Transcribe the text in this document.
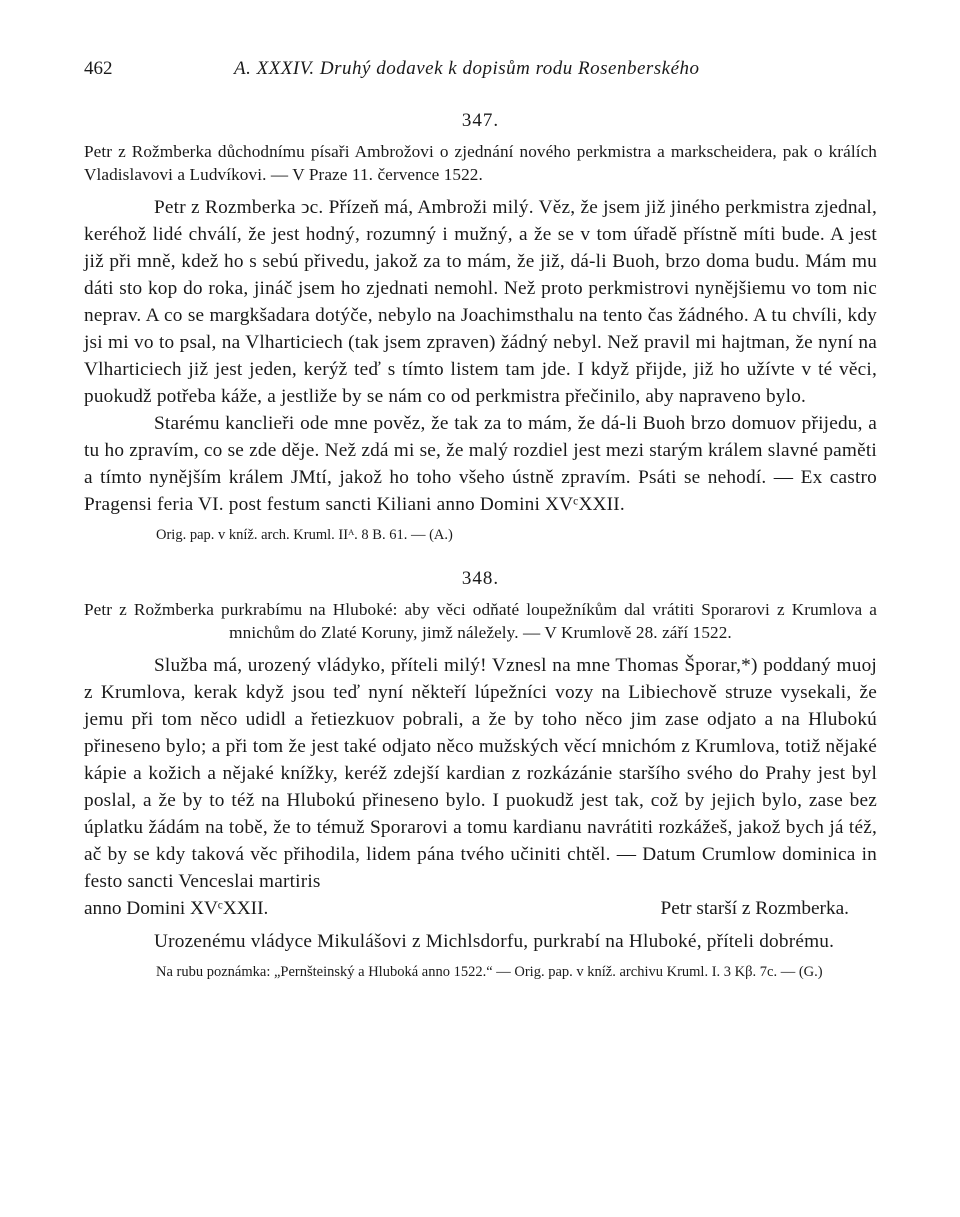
462	A. XXXIV. Druhý dodavek k dopisům rodu Rosenberského
347.

Petr z Rožmberka důchodnímu písaři Ambrožovi o zjednání nového perkmistra a markscheidera, pak o králích Vladislavovi a Ludvíkovi. — V Praze 11. července 1522.

Petr z Rozmberka ͻc. Přízeň má, Ambroži milý. Věz, že jsem již jiného perkmistra zjednal, keréhož lidé chválí, že jest hodný, rozumný i mužný, a že se v tom úřadě přístně míti bude. A jest již při mně, kdež ho s sebú přivedu, jakož za to mám, že již, dá-li Buoh, brzo doma budu. Mám mu dáti sto kop do roka, jináč jsem ho zjednati nemohl. Než proto perkmistrovi nynějšiemu vo tom nic neprav. A co se margkšadara dotýče, nebylo na Joachimsthalu na tento čas žádného. A tu chvíli, kdy jsi mi vo to psal, na Vlharticiech (tak jsem zpraven) žádný nebyl. Než pravil mi hajtman, že nyní na Vlharticiech již jest jeden, kerýž teď s tímto listem tam jde. I když přijde, již ho užívte v té věci, puokudž potřeba káže, a jestliže by se nám co od perkmistra přečinilo, aby napraveno bylo.

Starému kanclieři ode mne pověz, že tak za to mám, že dá-li Buoh brzo domuov přijedu, a tu ho zpravím, co se zde děje. Než zdá mi se, že malý rozdiel jest mezi starým králem slavné paměti a tímto nynějším králem JMtí, jakož ho toho všeho ústně zpravím. Psáti se nehodí. — Ex castro Pragensi feria VI. post festum sancti Kiliani anno Domini XVᶜXXII.

Orig. pap. v kníž. arch. Kruml. IIᴬ. 8 B. 61. — (A.)

348.

Petr z Rožmberka purkrabímu na Hluboké: aby věci odňaté loupežníkům dal vrátiti Sporarovi z Krumlova a mnichům do Zlaté Koruny, jimž náležely. — V Krumlově 28. září 1522.

Služba má, urozený vládyko, příteli milý! Vznesl na mne Thomas Šporar,*) poddaný muoj z Krumlova, kerak když jsou teď nyní někteří lúpežníci vozy na Libiechově struze vysekali, že jemu při tom něco udidl a řetiezkuov pobrali, a že by toho něco jim zase odjato a na Hlubokú přineseno bylo; a při tom že jest také odjato něco mužských věcí mnichóm z Krumlova, totiž nějaké kápie a kožich a nějaké knížky, keréž zdejší kardian z rozkázánie staršího svého do Prahy jest byl poslal, a že by to též na Hlubokú přineseno bylo. I puokudž jest tak, což by jejich bylo, zase bez úplatku žádám na tobě, že to témuž Sporarovi a tomu kardianu navrátiti rozkážeš, jakož bych já též, ač by se kdy taková věc přihodila, lidem pána tvého učiniti chtěl. — Datum Crumlow dominica in festo sancti Venceslai martiris

anno Domini XVᶜXXII.	Petr starší z Rozmberka.

Urozenému vládyce Mikulášovi z Michlsdorfu, purkrabí na Hluboké, příteli dobrému.

Na rubu poznámka: „Pernšteinský a Hluboká anno 1522.“ — Orig. pap. v kníž. archivu Kruml. I. 3 Kβ. 7c. — (G.)
